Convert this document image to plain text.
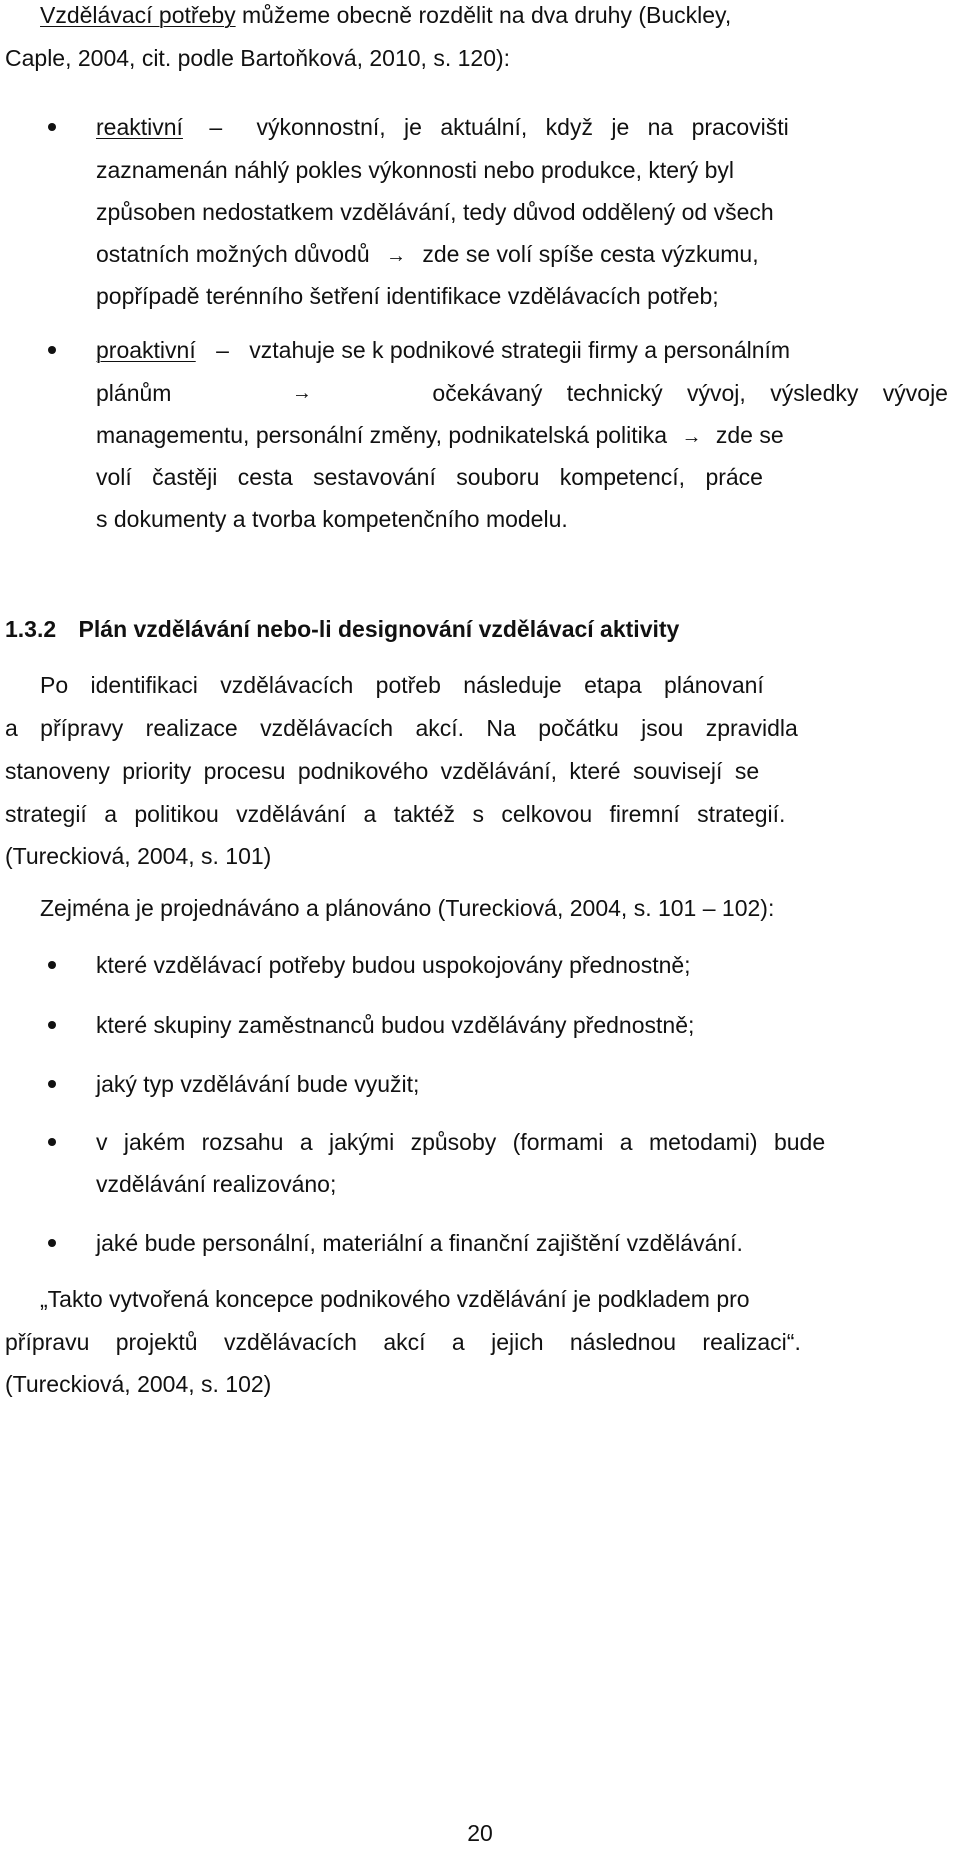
Vzdělávací potřeby můžeme obecně rozdělit na dva druhy (Buckley,
Caple, 2004, cit. podle Bartoňková, 2010, s. 120):
reaktivní – výkonnostní, je aktuální, když je na pracovišti
zaznamenán náhlý pokles výkonnosti nebo produkce, který byl
způsoben nedostatkem vzdělávání, tedy důvod oddělený od všech
ostatních možných důvodů → zde se volí spíše cesta výzkumu,
popřípadě terénního šetření identifikace vzdělávacích potřeb;
proaktivní – vztahuje se k podnikové strategii firmy a personálním
plánům	→	očekávaný technický vývoj, výsledky vývoje
managementu, personální změny, podnikatelská politika → zde se
volí častěji cesta sestavování souboru kompetencí, práce
s dokumenty a tvorba kompetenčního modelu.
1.3.2 Plán vzdělávání nebo-li designování vzdělávací aktivity
Po identifikaci vzdělávacích potřeb následuje etapa plánovaní
a přípravy realizace vzdělávacích akcí. Na počátku jsou zpravidla
stanoveny priority procesu podnikového vzdělávání, které souvisejí se
strategií a politikou vzdělávání a taktéž s celkovou firemní strategií.
(Tureckiová, 2004, s. 101)
Zejména je projednáváno a plánováno (Tureckiová, 2004, s. 101 – 102):
které vzdělávací potřeby budou uspokojovány přednostně;
které skupiny zaměstnanců budou vzdělávány přednostně;
jaký typ vzdělávání bude využit;
v jakém rozsahu a jakými způsoby (formami a metodami) bude
vzdělávání realizováno;
jaké bude personální, materiální a finanční zajištění vzdělávání.
„Takto vytvořená koncepce podnikového vzdělávání je podkladem pro
přípravu projektů vzdělávacích akcí a jejich následnou realizaci“.
(Tureckiová, 2004, s. 102)
20
